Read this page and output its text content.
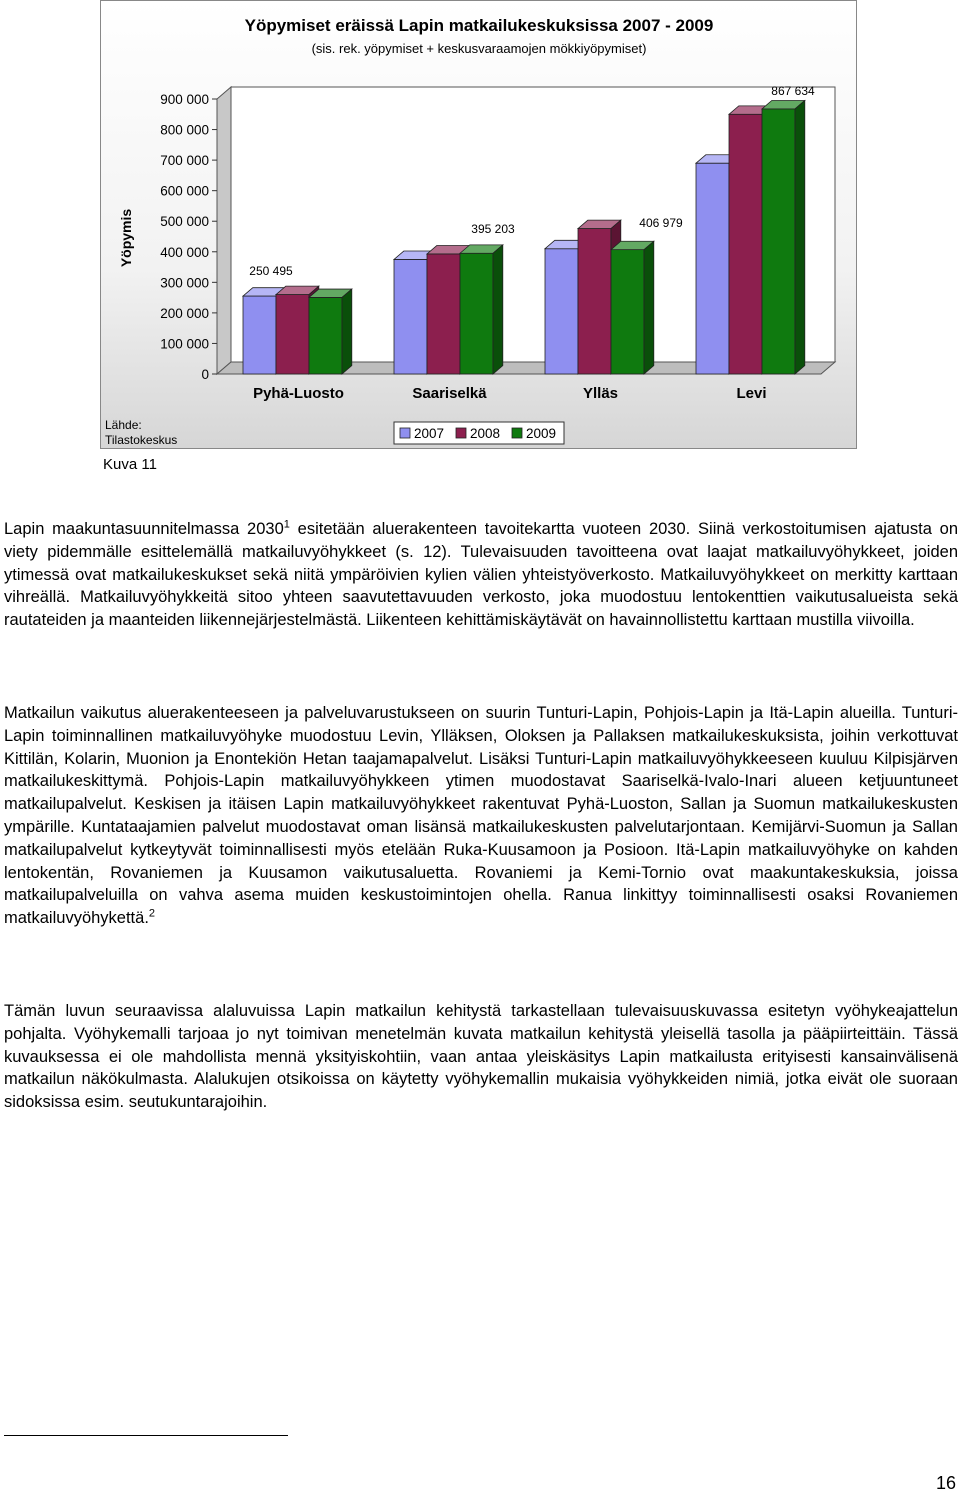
Yöpymiset eräissä Lapin matkailukeskuksissa 2007 - 2009
(sis. rek. yöpymiset + keskusvaraamojen mökkiyöpymiset)
Yöpymis
0
100 000
200 000
300 000
400 000
500 000
600 000
700 000
800 000
900 000
Pyhä-Luosto	Saariselkä	Ylläs	Levi
250 495
395 203	406 979
867 634
2007 2008 2009
Lähde:
Tilastokeskus
Kuva 11

Lapin maakuntasuunnitelmassa 2030$^1$ esitetään aluerakenteen tavoitekartta vuoteen 2030. Siinä verkostoitumisen ajatusta on viety pidemmälle esittelemällä matkailuvyöhykkeet (s. 12). Tulevaisuuden tavoitteena ovat laajat matkailuvyöhykkeet, joiden ytimessä ovat matkailukeskukset sekä niitä ympäröivien kylien välien yhteistyöverkosto. Matkailuvyöhykkeet on merkitty karttaan vihreällä. Matkailuvyöhykkeitä sitoo yhteen saavutettavuuden verkosto, joka muodostuu lentokenttien vaikutusalueista sekä rautateiden ja maanteiden liikennejärjestelmästä. Liikenteen kehittämiskäytävät on havainnollistettu karttaan mustilla viivoilla.

Matkailun vaikutus aluerakenteeseen ja palveluvarustukseen on suurin Tunturi-Lapin, Pohjois-Lapin ja Itä-Lapin alueilla. Tunturi-Lapin toiminnallinen matkailuvyöhyke muodostuu Levin, Ylläksen, Oloksen ja Pallaksen matkailukeskuksista, joihin verkottuvat Kittilän, Kolarin, Muonion ja Enontekiön Hetan taajamapalvelut. Lisäksi Tunturi-Lapin matkailuvyöhykkeeseen kuuluu Kilpisjärven matkailukeskittymä. Pohjois-Lapin matkailuvyöhykkeen ytimen muodostavat Saariselkä-Ivalo-Inari alueen ketjuuntuneet matkailupalvelut. Keskisen ja itäisen Lapin matkailuvyöhykkeet rakentuvat Pyhä-Luoston, Sallan ja Suomun matkailukeskusten ympärille. Kuntataajamien palvelut muodostavat oman lisänsä matkailukeskusten palvelutarjontaan. Kemijärvi-Suomun ja Sallan matkailupalvelut kytkeytyvät toiminnallisesti myös etelään Ruka-Kuusamoon ja Posioon. Itä-Lapin matkailuvyöhyke on kahden lentokentän, Rovaniemen ja Kuusamon vaikutusaluetta. Rovaniemi ja Kemi-Tornio ovat maakuntakeskuksia, joissa matkailupalveluilla on vahva asema muiden keskustoimintojen ohella. Ranua linkittyy toiminnallisesti osaksi Rovaniemen matkailuvyöhykettä.$^2$

Tämän luvun seuraavissa alaluvuissa Lapin matkailun kehitystä tarkastellaan tulevaisuuskuvassa esitetyn vyöhykeajattelun pohjalta. Vyöhykemalli tarjoaa jo nyt toimivan menetelmän kuvata matkailun kehitystä yleisellä tasolla ja pääpiirteittäin. Tässä kuvauksessa ei ole mahdollista mennä yksityiskohtiin, vaan antaa yleiskäsitys Lapin matkailusta erityisesti kansainvälisenä matkailun näkökulmasta. Alalukujen otsikoissa on käytetty vyöhykemallin mukaisia vyöhykkeiden nimiä, jotka eivät ole suoraan sidoksissa esim. seutukuntarajoihin.

16
